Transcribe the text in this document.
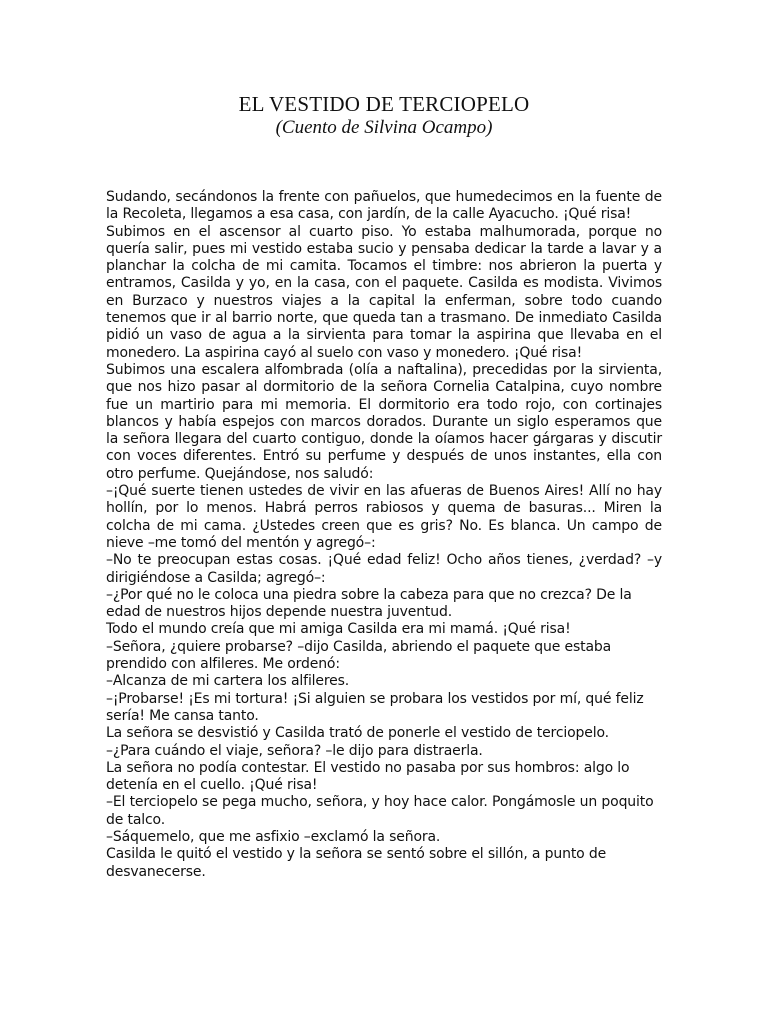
EL VESTIDO DE TERCIOPELO

(Cuento de Silvina Ocampo)

Sudando, secándonos la frente con pañuelos, que humedecimos en la fuente de la Recoleta, llegamos a esa casa, con jardín, de la calle Ayacucho. ¡Qué risa!

Subimos en el ascensor al cuarto piso. Yo estaba malhumorada, porque no quería salir, pues mi vestido estaba sucio y pensaba dedicar la tarde a lavar y a planchar la colcha de mi camita. Tocamos el timbre: nos abrieron la puerta y entramos, Casilda y yo, en la casa, con el paquete. Casilda es modista. Vivimos en Burzaco y nuestros viajes a la capital la enferman, sobre todo cuando tenemos que ir al barrio norte, que queda tan a trasmano. De inmediato Casilda pidió un vaso de agua a la sirvienta para tomar la aspirina que llevaba en el monedero. La aspirina cayó al suelo con vaso y monedero. ¡Qué risa!

Subimos una escalera alfombrada (olía a naftalina), precedidas por la sirvienta, que nos hizo pasar al dormitorio de la señora Cornelia Catalpina, cuyo nombre fue un martirio para mi memoria. El dormitorio era todo rojo, con cortinajes blancos y había espejos con marcos dorados. Durante un siglo esperamos que la señora llegara del cuarto contiguo, donde la oíamos hacer gárgaras y discutir con voces diferentes. Entró su perfume y después de unos instantes, ella con otro perfume. Quejándose, nos saludó:

–¡Qué suerte tienen ustedes de vivir en las afueras de Buenos Aires! Allí no hay hollín, por lo menos. Habrá perros rabiosos y quema de basuras... Miren la colcha de mi cama. ¿Ustedes creen que es gris? No. Es blanca. Un campo de nieve –me tomó del mentón y agregó–:

–No te preocupan estas cosas. ¡Qué edad feliz! Ocho años tienes, ¿verdad? –y dirigiéndose a Casilda; agregó–:

–¿Por qué no le coloca una piedra sobre la cabeza para que no crezca? De la edad de nuestros hijos depende nuestra juventud.

Todo el mundo creía que mi amiga Casilda era mi mamá. ¡Qué risa!

–Señora, ¿quiere probarse? –dijo Casilda, abriendo el paquete que estaba prendido con alfileres. Me ordenó:

–Alcanza de mi cartera los alfileres.

–¡Probarse! ¡Es mi tortura! ¡Si alguien se probara los vestidos por mí, qué feliz sería! Me cansa tanto.

La señora se desvistió y Casilda trató de ponerle el vestido de terciopelo.

–¿Para cuándo el viaje, señora? –le dijo para distraerla.

La señora no podía contestar. El vestido no pasaba por sus hombros: algo lo detenía en el cuello. ¡Qué risa!

–El terciopelo se pega mucho, señora, y hoy hace calor. Pongámosle un poquito de talco.

–Sáquemelo, que me asfixio –exclamó la señora.

Casilda le quitó el vestido y la señora se sentó sobre el sillón, a punto de desvanecerse.
